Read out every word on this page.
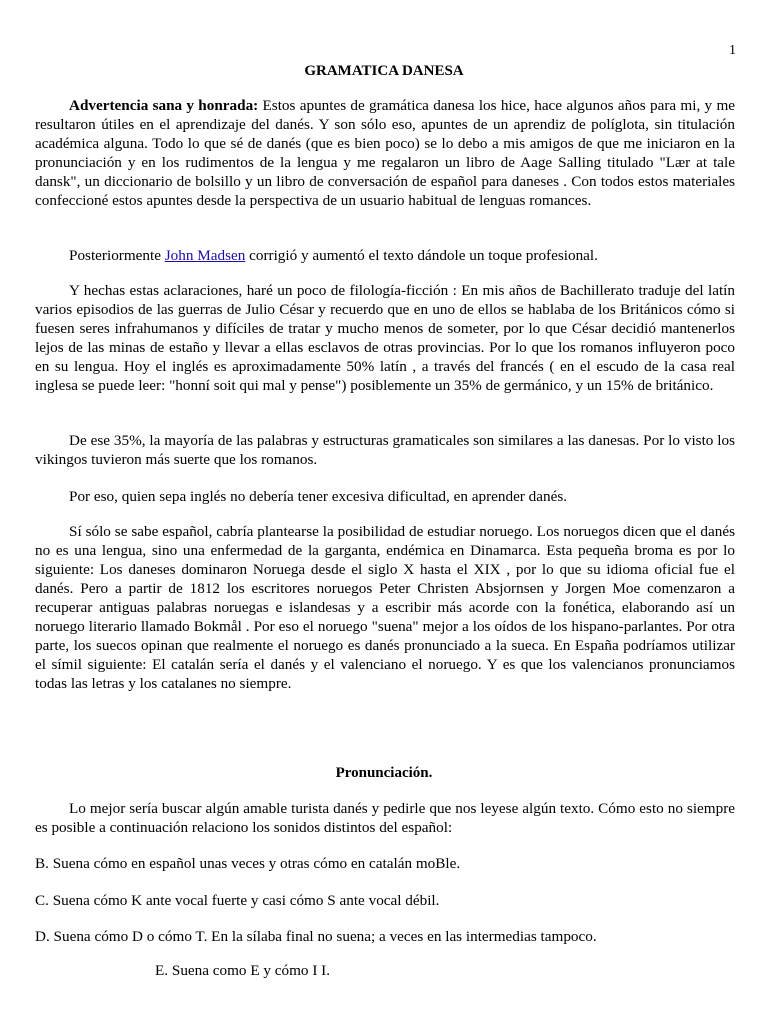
1
GRAMATICA DANESA

Advertencia sana y honrada: Estos apuntes de gramática danesa los hice, hace algunos años para mi, y me resultaron útiles en el aprendizaje del danés. Y son sólo eso, apuntes de un aprendiz de políglota, sin titulación académica alguna. Todo lo que sé de danés (que es bien poco) se lo debo a mis amigos de que me iniciaron en la pronunciación y en los rudimentos de la lengua y me regalaron un libro de Aage Salling titulado "Lær at tale dansk", un diccionario de bolsillo y un libro de conversación de español para daneses . Con todos estos materiales confeccioné estos apuntes desde la perspectiva de un usuario habitual de lenguas romances.

Posteriormente John Madsen corrigió y aumentó el texto dándole un toque profesional.

Y hechas estas aclaraciones, haré un poco de filología-ficción : En mis años de Bachillerato traduje del latín varios episodios de las guerras de Julio César y recuerdo que en uno de ellos se hablaba de los Británicos cómo si fuesen seres infrahumanos y difíciles de tratar y mucho menos de someter, por lo que César decidió mantenerlos lejos de las minas de estaño y llevar a ellas esclavos de otras provincias. Por lo que los romanos influyeron poco en su lengua. Hoy el inglés es aproximadamente 50% latín , a través del francés ( en el escudo de la casa real inglesa se puede leer: "honní soit qui mal y pense") posiblemente un 35% de germánico, y un 15% de británico.

De ese 35%, la mayoría de las palabras y estructuras gramaticales son similares a las danesas. Por lo visto los vikingos tuvieron más suerte que los romanos.

Por eso, quien sepa inglés no debería tener excesiva dificultad, en aprender danés.

Sí sólo se sabe español, cabría plantearse la posibilidad de estudiar noruego. Los noruegos dicen que el danés no es una lengua, sino una enfermedad de la garganta, endémica en Dinamarca. Esta pequeña broma es por lo siguiente: Los daneses dominaron Noruega desde el siglo X hasta el XIX , por lo que su idioma oficial fue el danés. Pero a partir de 1812 los escritores noruegos Peter Christen Absjornsen y Jorgen Moe comenzaron a recuperar antiguas palabras noruegas e islandesas y a escribir más acorde con la fonética, elaborando así un noruego literario llamado Bokmål . Por eso el noruego "suena" mejor a los oídos de los hispano-parlantes. Por otra parte, los suecos opinan que realmente el noruego es danés pronunciado a la sueca. En España podríamos utilizar el símil siguiente: El catalán sería el danés y el valenciano el noruego. Y es que los valencianos pronunciamos todas las letras y los catalanes no siempre.

Pronunciación.

Lo mejor sería buscar algún amable turista danés y pedirle que nos leyese algún texto. Cómo esto no siempre es posible a continuación relaciono los sonidos distintos del español:

B. Suena cómo en español unas veces y otras cómo en catalán moBle.

C. Suena cómo K ante vocal fuerte y casi cómo S ante vocal débil.

D. Suena cómo D o cómo T. En la sílaba final no suena; a veces en las intermedias tampoco.

E. Suena como E y cómo I I.
